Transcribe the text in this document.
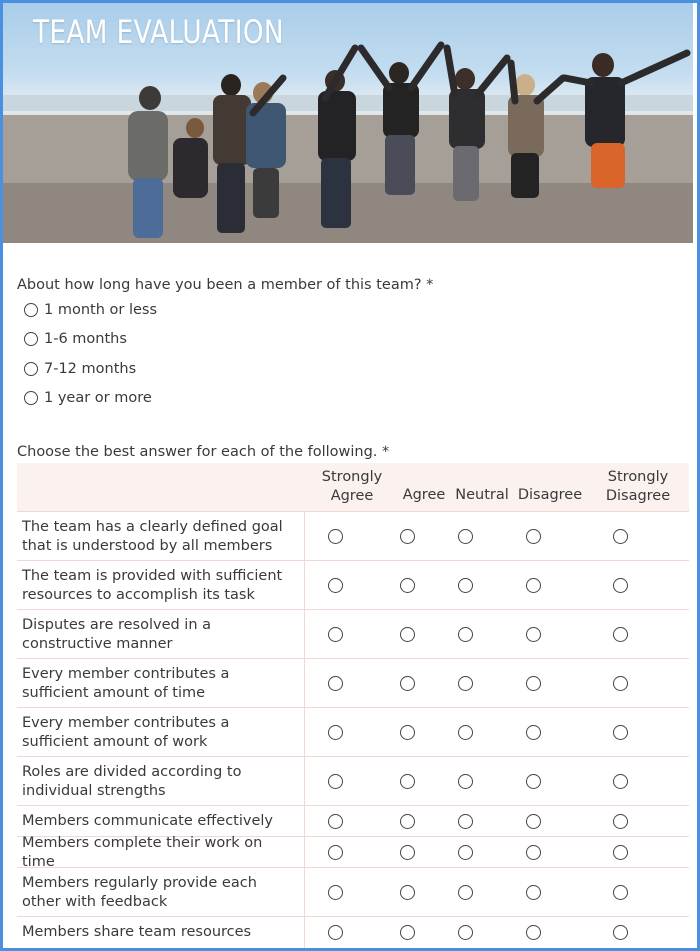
TEAM EVALUATION
About how long have you been a member of this team? *
1 month or less
1-6 months
7-12 months
1 year or more
Choose the best answer for each of the following. *
Strongly
Agree	Agree Neutral Disagree
Strongly
Disagree
The team has a clearly defined goal that is understood by all members
The team is provided with sufficient resources to accomplish its task
Disputes are resolved in a constructive manner
Every member contributes a sufficient amount of time
Every member contributes a sufficient amount of work
Roles are divided according to individual strengths
Members communicate effectively
Members complete their work on time
Members regularly provide each other with feedback
Members share team resources
